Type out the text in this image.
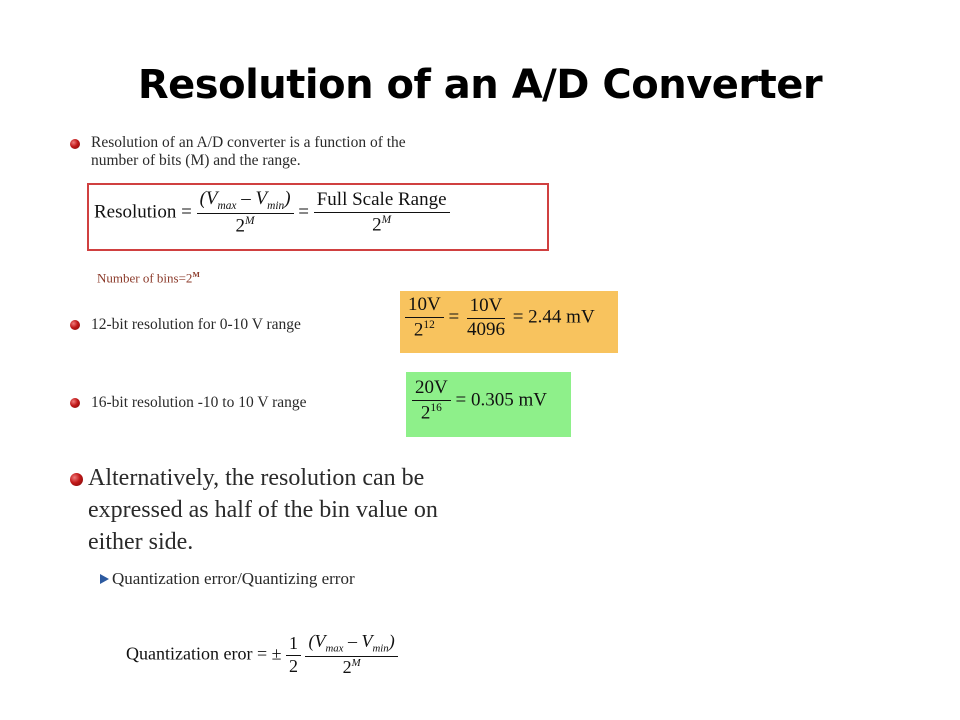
Resolution of an A/D Converter
Resolution of an A/D converter is a function of the
number of bits (M) and the range.
Resolution = $\frac{(V_{max} - V_{min})}{2^M} = \frac{\text{Full Scale Range}}{2^M}$
Number of $bins=2^M$
12-bit resolution for 0-10 V range	$\frac{10V}{2^{12}} = \frac{10V}{4096} = 2.44$ mV
16-bit resolution -10 to 10 V range	$\frac{20V}{2^{16}} = 0.305$ mV
Alternatively, the resolution can be
expressed as half of the bin value on
either side.
Quantization error/Quantizing error
Quantization eror = ± $\frac{1}{2}$
$\frac{(V_{max} - V_{min})}{2^M}$
